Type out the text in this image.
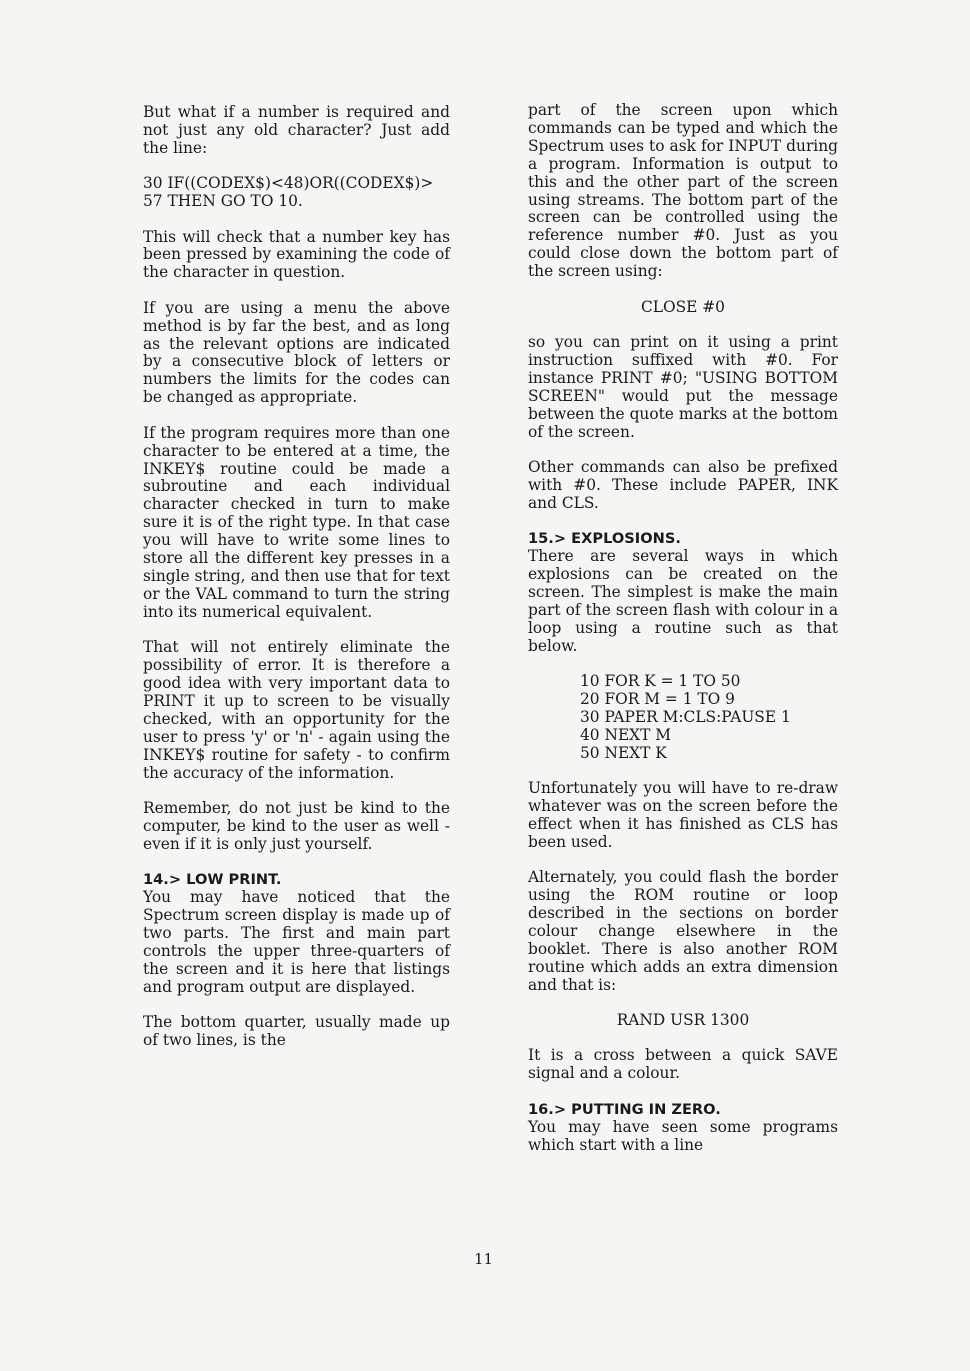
But what if a number is required and not just any old character? Just add the line:

30 IF((CODEX$)<48)OR((CODEX$)>
57 THEN GO TO 10.

This will check that a number key has been pressed by examining the code of the character in question.

If you are using a menu the above method is by far the best, and as long as the relevant options are indicated by a consecutive block of letters or numbers the limits for the codes can be changed as appropriate.

If the program requires more than one character to be entered at a time, the INKEY$ routine could be made a subroutine and each individual character checked in turn to make sure it is of the right type. In that case you will have to write some lines to store all the different key presses in a single string, and then use that for text or the VAL command to turn the string into its numerical equivalent.

That will not entirely eliminate the possibility of error. It is therefore a good idea with very important data to PRINT it up to screen to be visually checked, with an opportunity for the user to press 'y' or 'n' - again using the INKEY$ routine for safety - to confirm the accuracy of the information.

Remember, do not just be kind to the computer, be kind to the user as well - even if it is only just yourself.

14.> LOW PRINT.

You may have noticed that the Spectrum screen display is made up of two parts. The first and main part controls the upper three-quarters of the screen and it is here that listings and program output are displayed.

The bottom quarter, usually made up of two lines, is the

11

part of the screen upon which commands can be typed and which the Spectrum uses to ask for INPUT during a program. Information is output to this and the other part of the screen using streams. The bottom part of the screen can be controlled using the reference number #0. Just as you could close down the bottom part of the screen using:

CLOSE #0

so you can print on it using a print instruction suffixed with #0. For instance PRINT #0; "USING BOTTOM SCREEN" would put the message between the quote marks at the bottom of the screen.

Other commands can also be prefixed with #0. These include PAPER, INK and CLS.

15.> EXPLOSIONS.

There are several ways in which explosions can be created on the screen. The simplest is make the main part of the screen flash with colour in a loop using a routine such as that below.

10 FOR K = 1 TO 50
20 FOR M = 1 TO 9
30 PAPER M:CLS:PAUSE 1
40 NEXT M
50 NEXT K

Unfortunately you will have to re-draw whatever was on the screen before the effect when it has finished as CLS has been used.

Alternately, you could flash the border using the ROM routine or loop described in the sections on border colour change elsewhere in the booklet. There is also another ROM routine which adds an extra dimension and that is:

RAND USR 1300

It is a cross between a quick SAVE signal and a colour.

16.> PUTTING IN ZERO.

You may have seen some programs which start with a line
